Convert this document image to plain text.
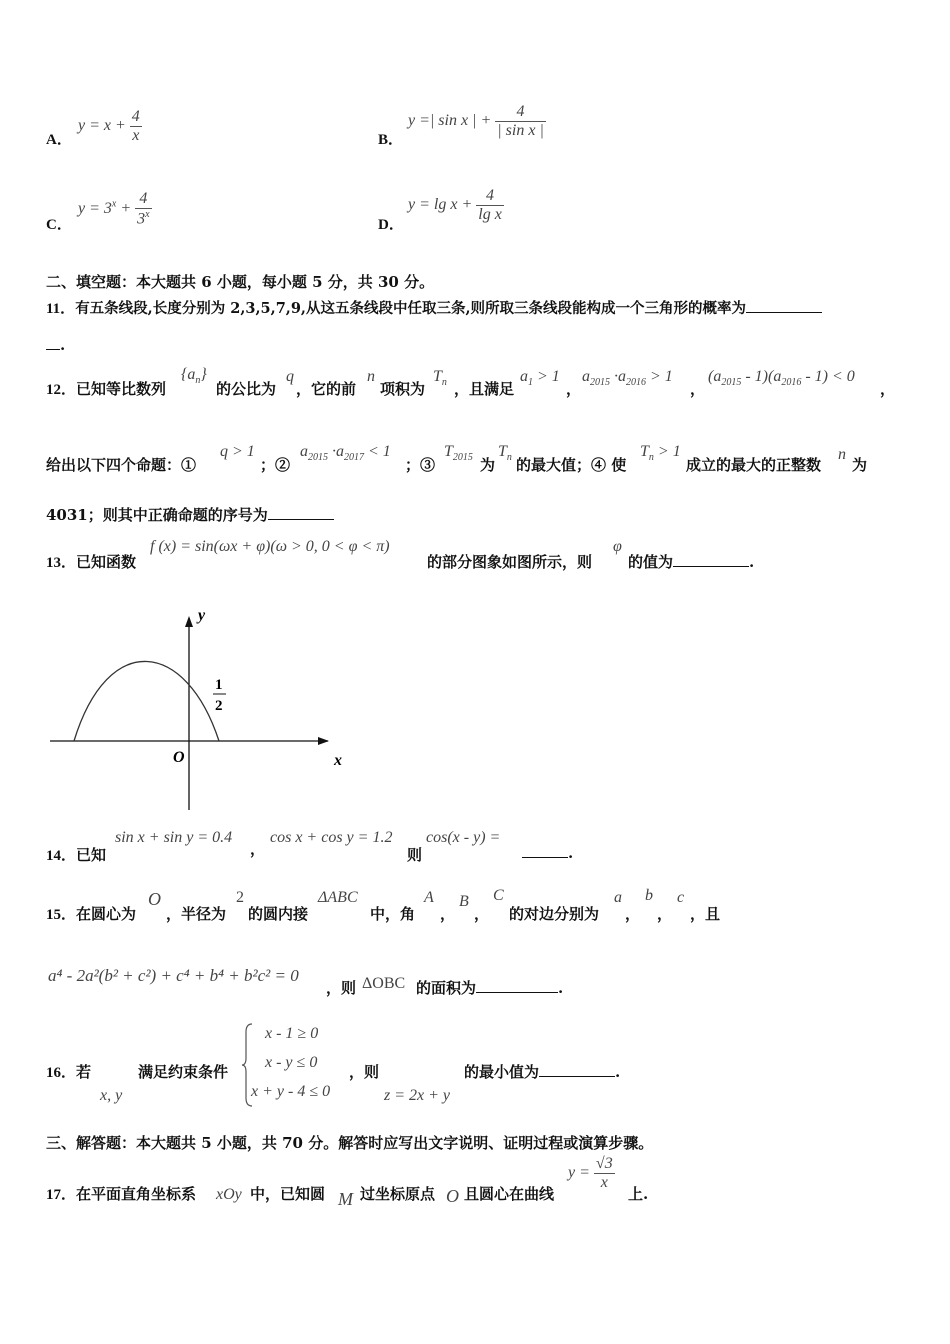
A．
$y = x + \frac{4}{x}$	B．
y =| sin x | + $\frac{4}{\text{| sin x |}}$
C．
$y = 3^x + \frac{4}{3^x}$	D．
$y = \lg x + \frac{4}{\text{lg x}}$
二、填空题：本大题共 6 小题，每小题 5 分，共 30 分。
11．有五条线段,长度分别为 2,3,5,7,9,从这五条线段中任取三条,则所取三条线段能构成一个三角形的概率为
.
12．已知等比数列
$\{a_n\}$
的公比为
q
，它的前
n
项积为
$T_n$ ，且满足
$a_1 > 1$
，
$a_{2015} \cdot a_{2016} > 1$
，
$(a_{2015} - 1)(a_{2016} - 1) < 0$
，
给出以下四个命题：①
q > 1
；②
$a_{2015} \cdot a_{2017} < 1$
；③
$T_{2015}$ 为
$T_n$ 的最大值；④ 使
$T_n > 1$
成立的最大的正整数
n
为
4031；则其中正确命题的序号为
13．已知函数
f (x) = sin(ωx + φ)(ω > 0, 0 < φ < π)
的部分图象如图所示，则
φ
的值为	.
y
x
O
1
2
14．已知
sin x + sin y = 0.4
，
cos x + cos y = 1.2
则
cos(x - y) =
.
15．在圆心为
O
，半径为
2
的圆内接
ΔABC
中，角
A
，
B
，
C
的对边分别为
a
，
b
，
c
，且
a⁴ - 2a²(b² + c²) + c⁴ + b⁴ + b²c² = 0
，则 ΔOBC 的面积为	.
16．若
x, y
满足约束条件
x - 1 ≥ 0
x - y ≤ 0
x + y - 4 ≤ 0
，则
z = 2x + y
的最小值为	.
三、解答题：本大题共 5 小题，共 70 分。解答时应写出文字说明、证明过程或演算步骤。
17．在平面直角坐标系 xOy 中，已知圆 M 过坐标原点 O 且圆心在曲线
$y = \frac{√3}{x}$
上.
